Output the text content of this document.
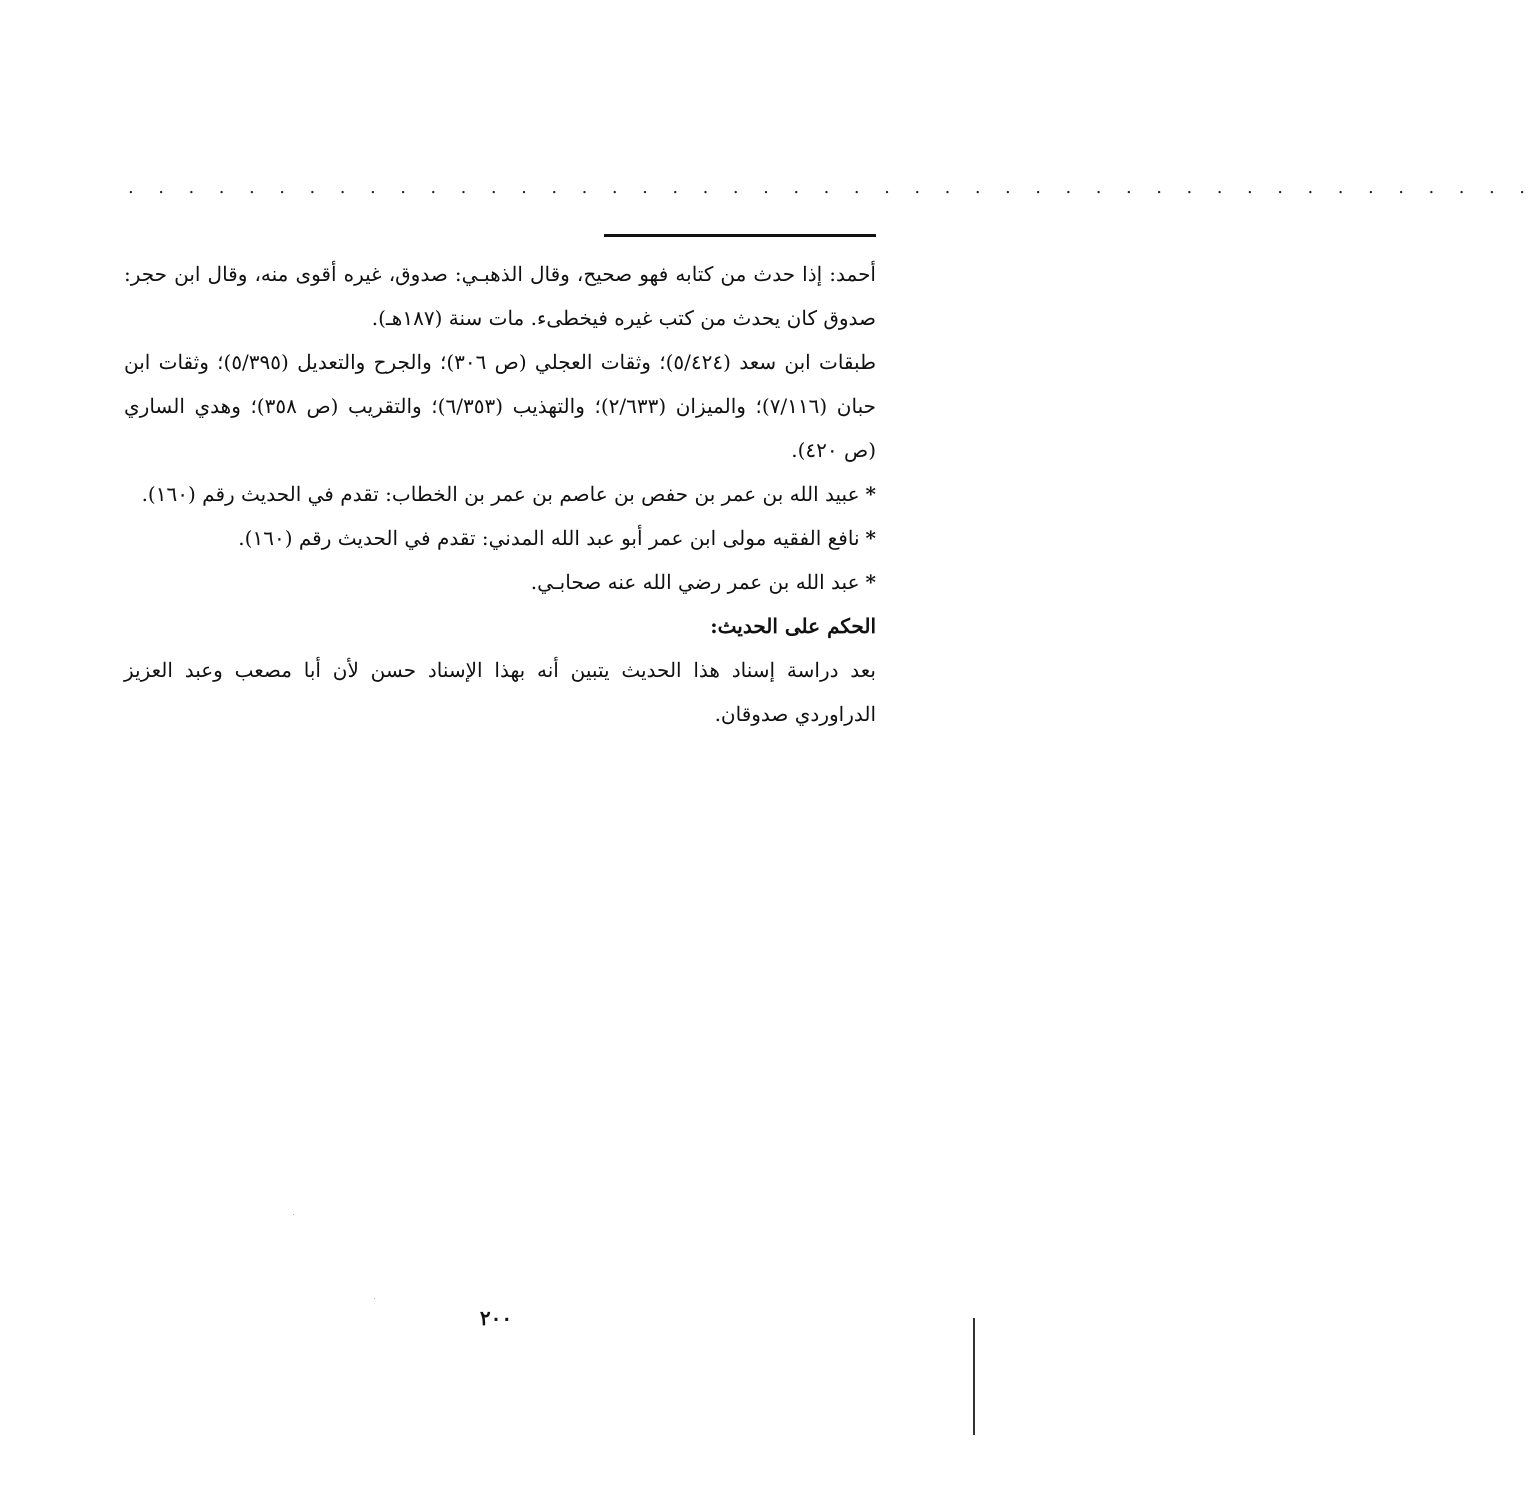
. . . . . . . . . . . . . . . . . . . . . . . . . . . . . . . . . . . . . . . . . . . . . . .

أحمد: إذا حدث من كتابه فهو صحيح، وقال الذهبـي: صدوق، غيره أقوى منه، وقال ابن حجر: صدوق كان يحدث من كتب غيره فيخطىء. مات سنة (١٨٧هـ).

طبقات ابن سعد (٥/٤٢٤)؛ وثقات العجلي (ص ٣٠٦)؛ والجرح والتعديل (٥/٣٩٥)؛ وثقات ابن حبان (٧/١١٦)؛ والميزان (٢/٦٣٣)؛ والتهذيب (٦/٣٥٣)؛ والتقريب (ص ٣٥٨)؛ وهدي الساري (ص ٤٢٠).

*عبيد الله بن عمر بن حفص بن عاصم بن عمر بن الخطاب: تقدم في الحديث رقم (١٦٠).

*نافع الفقيه مولى ابن عمر أبو عبد الله المدني: تقدم في الحديث رقم (١٦٠).

*عبد الله بن عمر رضي الله عنه صحابـي.

الحكم على الحديث:

بعد دراسة إسناد هذا الحديث يتبين أنه بهذا الإسناد حسن لأن أبا مصعب وعبد العزيز الدراوردي صدوقان.

٢٠٠
